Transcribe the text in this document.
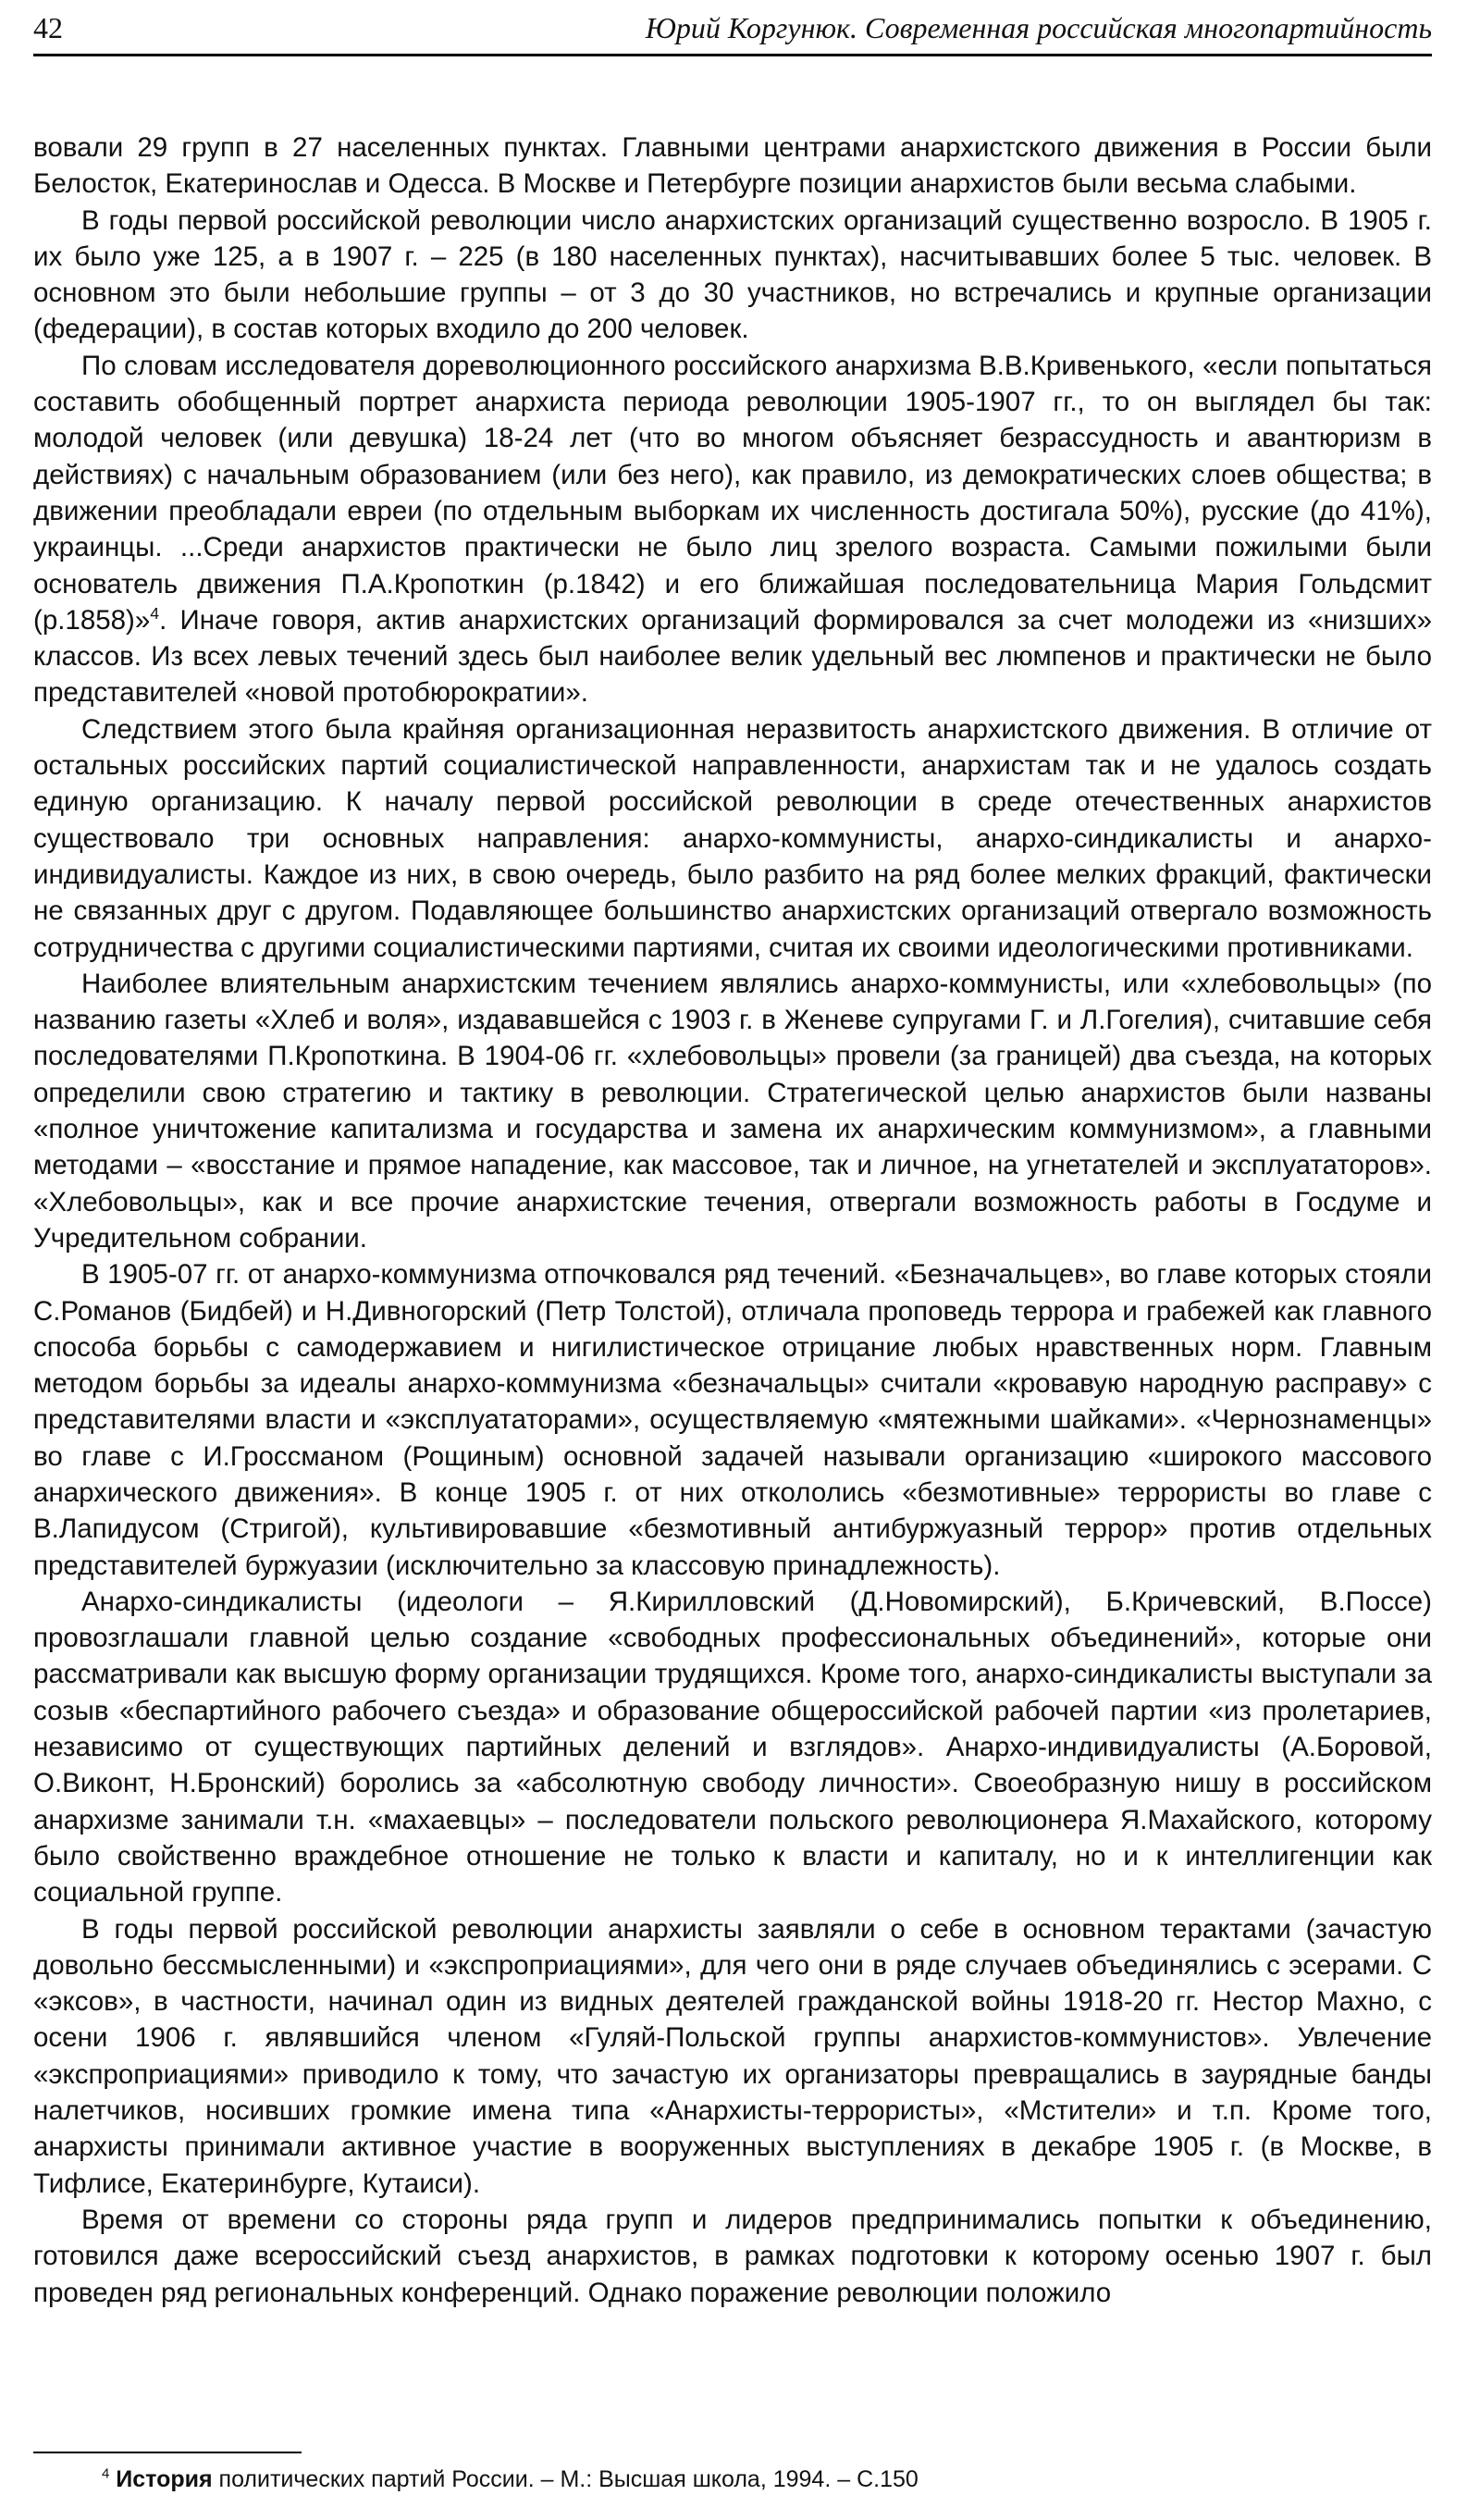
42	Юрий Коргунюк. Современная российская многопартийность

вовали 29 групп в 27 населенных пунктах. Главными центрами анархистского движения в России были Белосток, Екатеринослав и Одесса. В Москве и Петербурге позиции анархистов были весьма слабыми.

В годы первой российской революции число анархистских организаций существенно возросло. В 1905 г. их было уже 125, а в 1907 г. – 225 (в 180 населенных пунктах), насчитывавших более 5 тыс. человек. В основном это были небольшие группы – от 3 до 30 участников, но встречались и крупные организации (федерации), в состав которых входило до 200 человек.

По словам исследователя дореволюционного российского анархизма В.В.Кривенького, «если попытаться составить обобщенный портрет анархиста периода революции 1905-1907 гг., то он выглядел бы так: молодой человек (или девушка) 18-24 лет (что во многом объясняет безрассудность и авантюризм в действиях) с начальным образованием (или без него), как правило, из демократических слоев общества; в движении преобладали евреи (по отдельным выборкам их численность достигала 50%), русские (до 41%), украинцы. ...Среди анархистов практически не было лиц зрелого возраста. Самыми пожилыми были основатель движения П.А.Кропоткин (р.1842) и его ближайшая последовательница Мария Гольдсмит (р.1858)»$^4$. Иначе говоря, актив анархистских организаций формировался за счет молодежи из «низших» классов. Из всех левых течений здесь был наиболее велик удельный вес люмпенов и практически не было представителей «новой протобюрократии».

Следствием этого была крайняя организационная неразвитость анархистского движения. В отличие от остальных российских партий социалистической направленности, анархистам так и не удалось создать единую организацию. К началу первой российской революции в среде отечественных анархистов существовало три основных направления: анархо-коммунисты, анархо-синдикалисты и анархо-индивидуалисты. Каждое из них, в свою очередь, было разбито на ряд более мелких фракций, фактически не связанных друг с другом. Подавляющее большинство анархистских организаций отвергало возможность сотрудничества с другими социалистическими партиями, считая их своими идеологическими противниками.

Наиболее влиятельным анархистским течением являлись анархо-коммунисты, или «хлебовольцы» (по названию газеты «Хлеб и воля», издававшейся с 1903 г. в Женеве супругами Г. и Л.Гогелия), считавшие себя последователями П.Кропоткина. В 1904-06 гг. «хлебовольцы» провели (за границей) два съезда, на которых определили свою стратегию и тактику в революции. Стратегической целью анархистов были названы «полное уничтожение капитализма и государства и замена их анархическим коммунизмом», а главными методами – «восстание и прямое нападение, как массовое, так и личное, на угнетателей и эксплуататоров». «Хлебовольцы», как и все прочие анархистские течения, отвергали возможность работы в Госдуме и Учредительном собрании.

В 1905-07 гг. от анархо-коммунизма отпочковался ряд течений. «Безначальцев», во главе которых стояли С.Романов (Бидбей) и Н.Дивногорский (Петр Толстой), отличала проповедь террора и грабежей как главного способа борьбы с самодержавием и нигилистическое отрицание любых нравственных норм. Главным методом борьбы за идеалы анархо-коммунизма «безначальцы» считали «кровавую народную расправу» с представителями власти и «эксплуататорами», осуществляемую «мятежными шайками». «Чернознаменцы» во главе с И.Гроссманом (Рощиным) основной задачей называли организацию «широкого массового анархического движения». В конце 1905 г. от них откололись «безмотивные» террористы во главе с В.Лапидусом (Стригой), культивировавшие «безмотивный антибуржуазный террор» против отдельных представителей буржуазии (исключительно за классовую принадлежность).

Анархо-синдикалисты (идеологи – Я.Кирилловский (Д.Новомирский), Б.Кричевский, В.Поссе) провозглашали главной целью создание «свободных профессиональных объединений», которые они рассматривали как высшую форму организации трудящихся. Кроме того, анархо-синдикалисты выступали за созыв «беспартийного рабочего съезда» и образование общероссийской рабочей партии «из пролетариев, независимо от существующих партийных делений и взглядов». Анархо-индивидуалисты (А.Боровой, О.Виконт, Н.Бронский) боролись за «абсолютную свободу личности». Своеобразную нишу в российском анархизме занимали т.н. «махаевцы» – последователи польского революционера Я.Махайского, которому было свойственно враждебное отношение не только к власти и капиталу, но и к интеллигенции как социальной группе.

В годы первой российской революции анархисты заявляли о себе в основном терактами (зачастую довольно бессмысленными) и «экспроприациями», для чего они в ряде случаев объединялись с эсерами. С «эксов», в частности, начинал один из видных деятелей гражданской войны 1918-20 гг. Нестор Махно, с осени 1906 г. являвшийся членом «Гуляй-Польской группы анархистов-коммунистов». Увлечение «экспроприациями» приводило к тому, что зачастую их организаторы превращались в заурядные банды налетчиков, носивших громкие имена типа «Анархисты-террористы», «Мстители» и т.п. Кроме того, анархисты принимали активное участие в вооруженных выступлениях в декабре 1905 г. (в Москве, в Тифлисе, Екатеринбурге, Кутаиси).

Время от времени со стороны ряда групп и лидеров предпринимались попытки к объединению, готовился даже всероссийский съезд анархистов, в рамках подготовки к которому осенью 1907 г. был проведен ряд региональных конференций. Однако поражение революции положило

$^4$ История политических партий России. – М.: Высшая школа, 1994. – С.150
